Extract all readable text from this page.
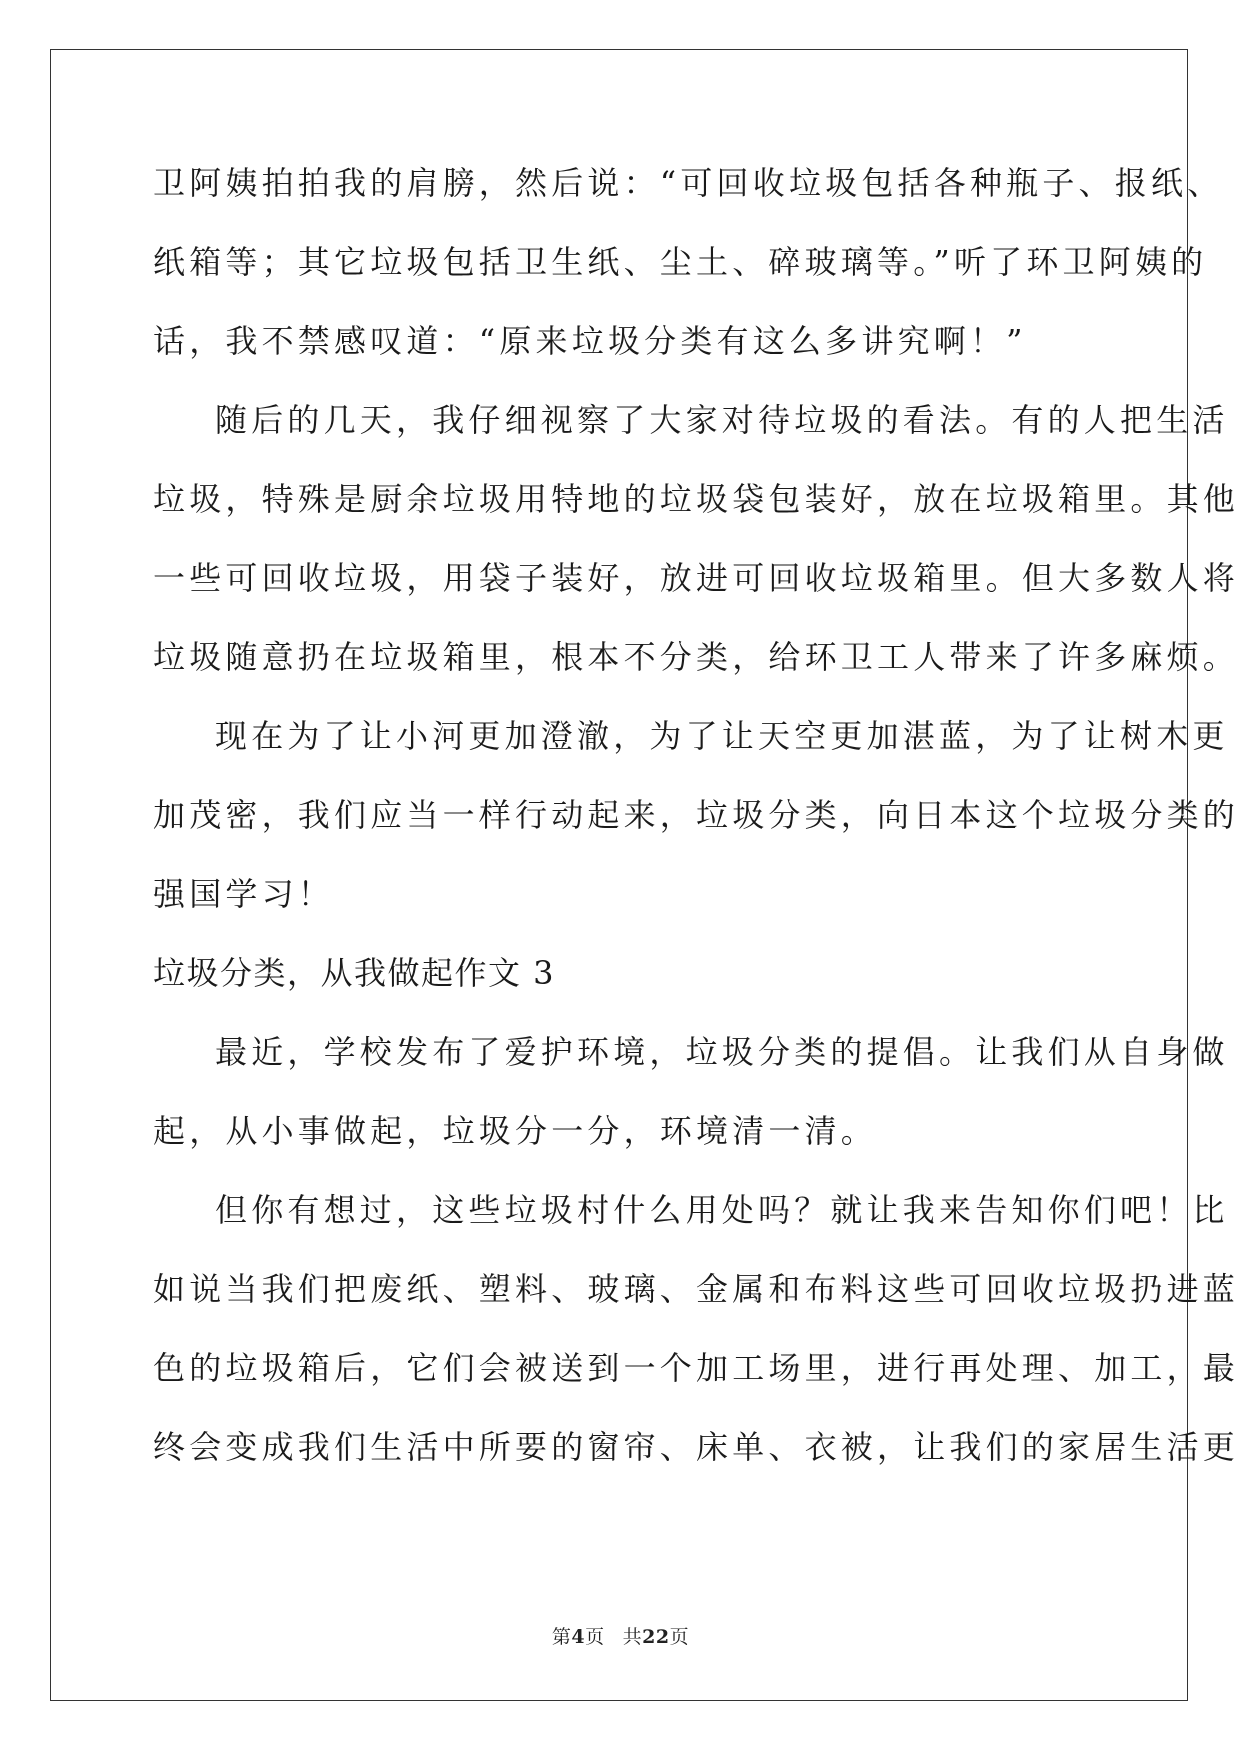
卫阿姨拍拍我的肩膀，然后说：“可回收垃圾包括各种瓶子、报纸、
纸箱等；其它垃圾包括卫生纸、尘土、碎玻璃等。”听了环卫阿姨的
话，我不禁感叹道：“原来垃圾分类有这么多讲究啊！”
随后的几天，我仔细视察了大家对待垃圾的看法。有的人把生活
垃圾，特殊是厨余垃圾用特地的垃圾袋包装好，放在垃圾箱里。其他
一些可回收垃圾，用袋子装好，放进可回收垃圾箱里。但大多数人将
垃圾随意扔在垃圾箱里，根本不分类，给环卫工人带来了许多麻烦。
现在为了让小河更加澄澈，为了让天空更加湛蓝，为了让树木更
加茂密，我们应当一样行动起来，垃圾分类，向日本这个垃圾分类的
强国学习！
垃圾分类，从我做起作文 3
最近，学校发布了爱护环境，垃圾分类的提倡。让我们从自身做
起，从小事做起，垃圾分一分，环境清一清。
但你有想过，这些垃圾村什么用处吗？就让我来告知你们吧！比
如说当我们把废纸、塑料、玻璃、金属和布料这些可回收垃圾扔进蓝
色的垃圾箱后，它们会被送到一个加工场里，进行再处理、加工，最
终会变成我们生活中所要的窗帘、床单、衣被，让我们的家居生活更
第4页 共22页
